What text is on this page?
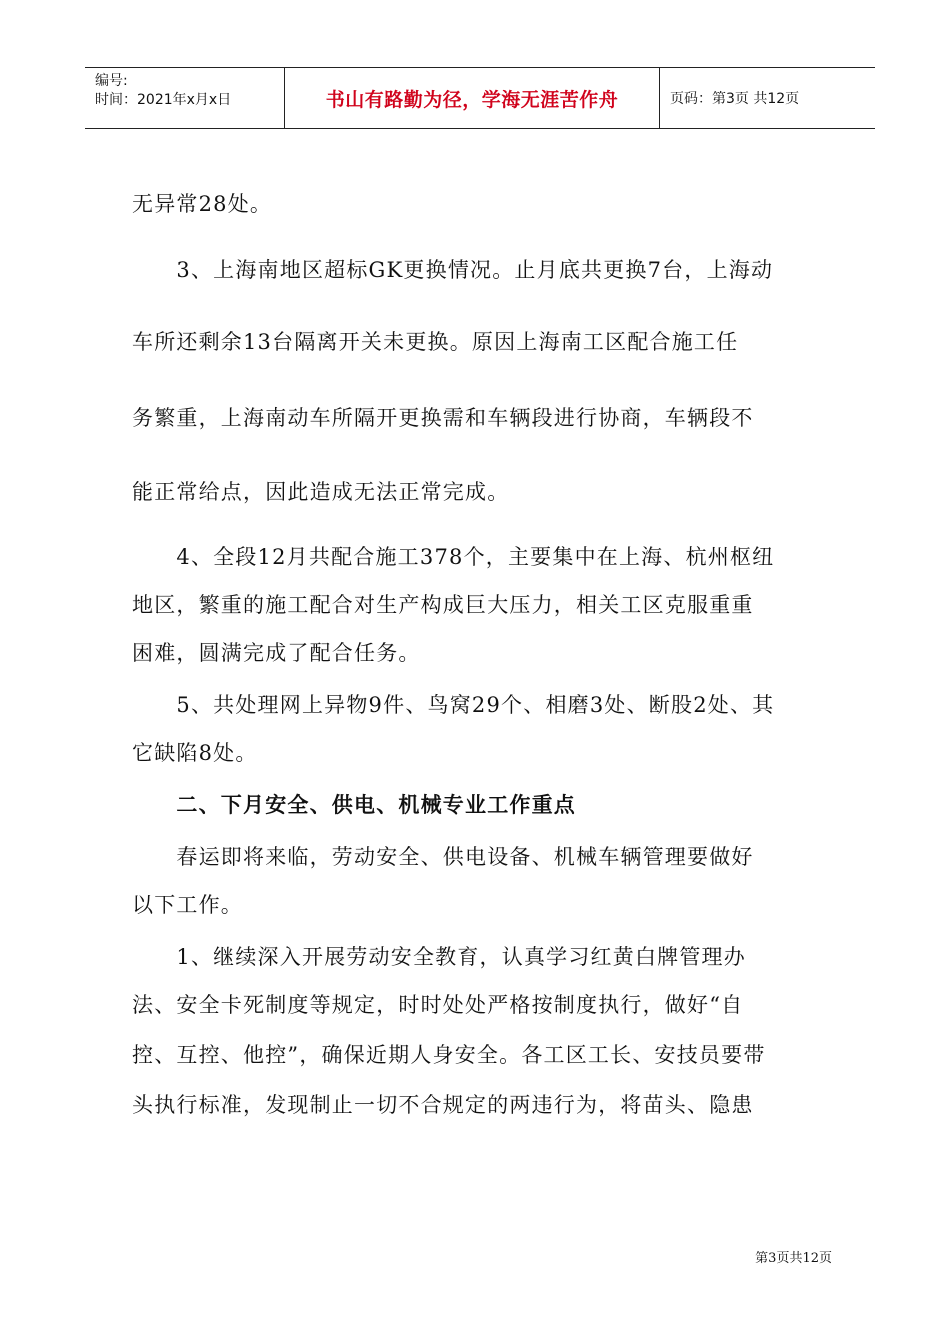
编号:
时间：2021年x月x日	书山有路勤为径，学海无涯苦作舟	页码：第3页 共12页
无异常28处。
　　3、上海南地区超标GK更换情况。止月底共更换7台，上海动
车所还剩余13台隔离开关未更换。原因上海南工区配合施工任
务繁重，上海南动车所隔开更换需和车辆段进行协商，车辆段不
能正常给点，因此造成无法正常完成。
　　4、全段12月共配合施工378个，主要集中在上海、杭州枢纽
地区，繁重的施工配合对生产构成巨大压力，相关工区克服重重
困难，圆满完成了配合任务。
　　5、共处理网上异物9件、鸟窝29个、相磨3处、断股2处、其
它缺陷8处。
　　二、下月安全、供电、机械专业工作重点
　　春运即将来临，劳动安全、供电设备、机械车辆管理要做好
以下工作。
　　1、继续深入开展劳动安全教育，认真学习红黄白牌管理办
法、安全卡死制度等规定，时时处处严格按制度执行，做好“自
控、互控、他控”，确保近期人身安全。各工区工长、安技员要带
头执行标准，发现制止一切不合规定的两违行为，将苗头、隐患
第3页共12页
